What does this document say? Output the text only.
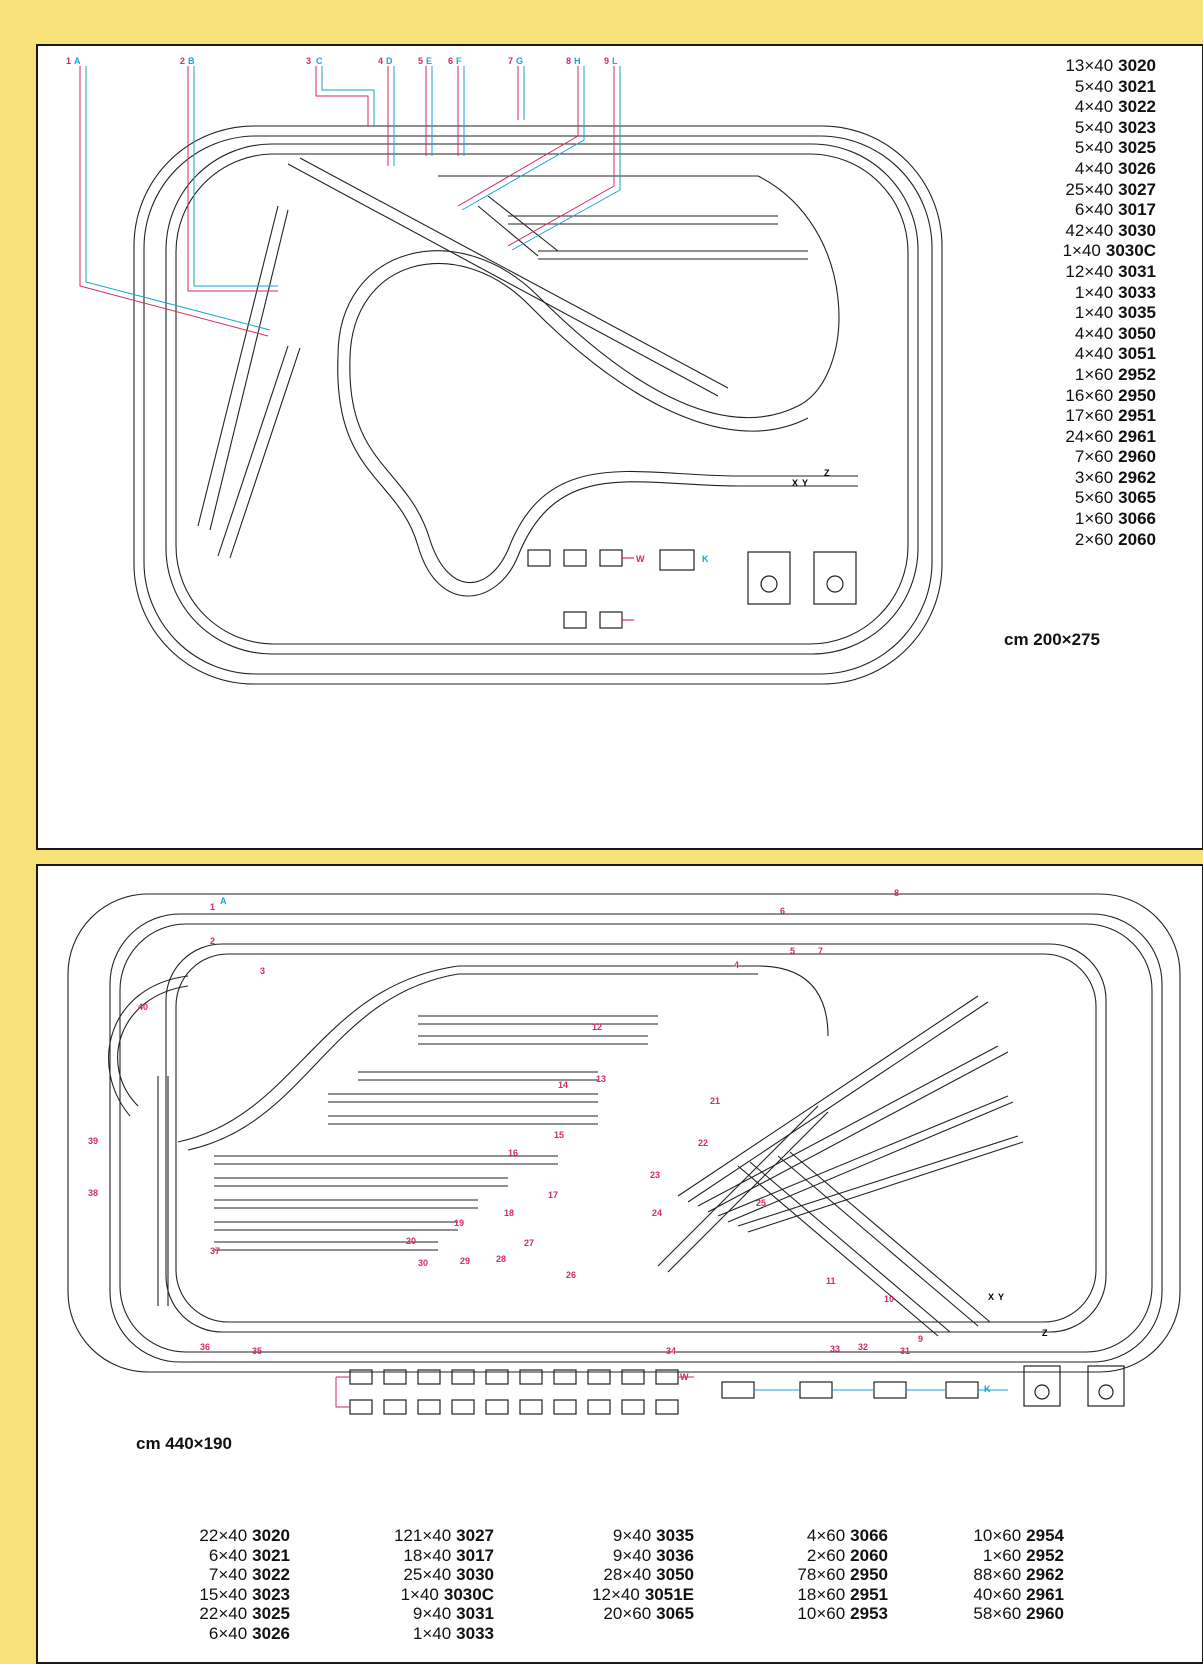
1 A	2 B	3 C	4 D	5 E 6 F	7 G	8 H	9 L
W	K
X Y
Z
13×40 3020
5×40 3021
4×40 3022
5×40 3023
5×40 3025
4×40 3026
25×40 3027
6×40 3017
42×40 3030
1×40 3030C
12×40 3031
1×40 3033
1×40 3035
4×40 3050
4×40 3051
1×60 2952
16×60 2950
17×60 2951
24×60 2961
7×60 2960
3×60 2962
5×60 3065
1×60 3066
2×60 2060
cm 200×275
1
A
2
3
4
5
6
7
8
9
10
11
12
13
14
15
16
17
18
19
20
21
22
23
24
25
26
27
28
29
30
31
32
33
34
35
36
37
38
39
40
W
K
X Y
Z
cm 440×190
22×40 3020
6×40 3021
7×40 3022
15×40 3023
22×40 3025
6×40 3026
121×40 3027
18×40 3017
25×40 3030
1×40 3030C
9×40 3031
1×40 3033
9×40 3035
9×40 3036
28×40 3050
12×40 3051E
20×60 3065
4×60 3066
2×60 2060
78×60 2950
18×60 2951
10×60 2953
10×60 2954
1×60 2952
88×60 2962
40×60 2961
58×60 2960
